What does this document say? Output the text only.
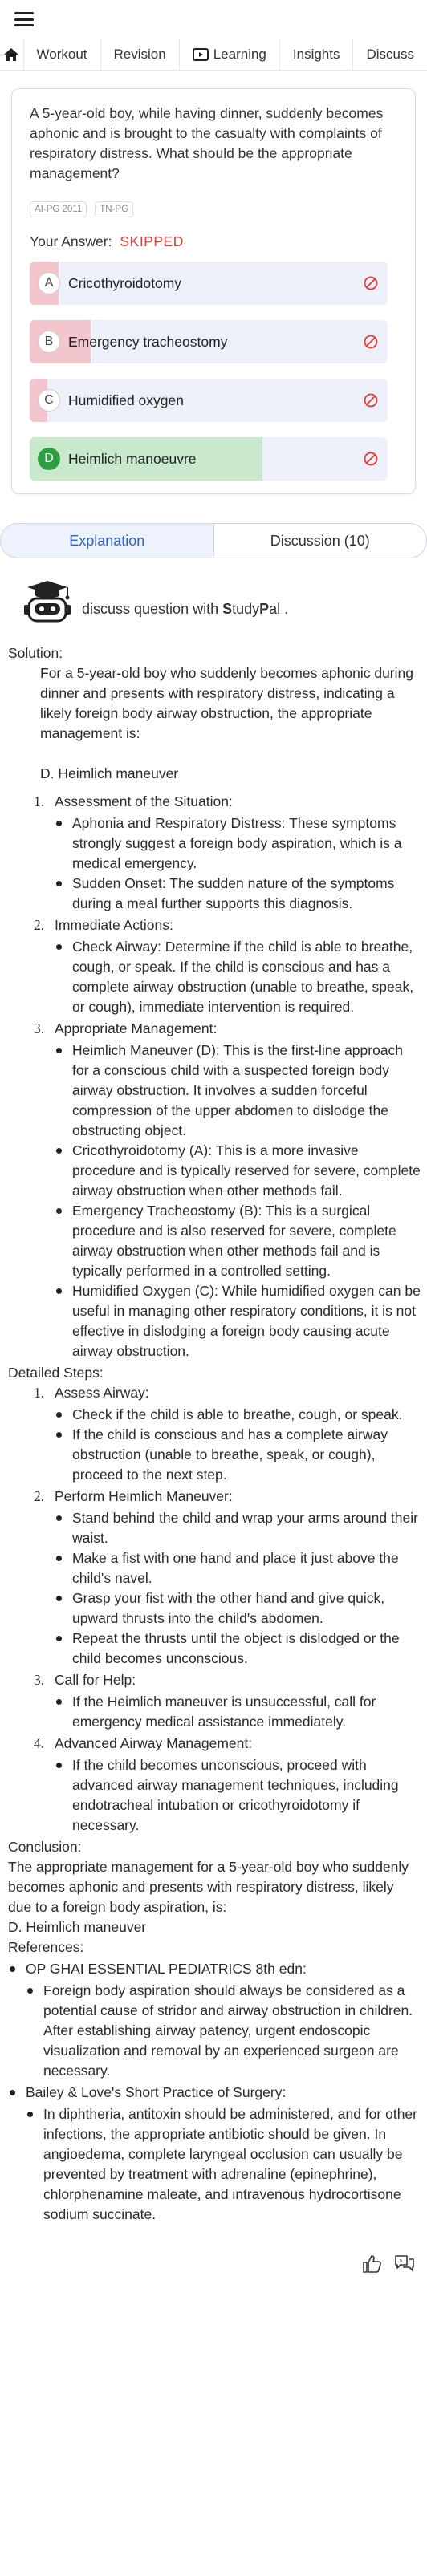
Workout Revision	Learning Insights Discuss
A 5-year-old boy, while having dinner, suddenly becomes aphonic and is brought to the casualty with complaints of respiratory distress. What should be the appropriate management?
AI-PG 2011	TN-PG
Your Answer: SKIPPED
A	Cricothyroidotomy
B	Emergency tracheostomy
C	Humidified oxygen
D	Heimlich manoeuvre
Explanation	Discussion (10)
discuss question with StudyPal .

Solution:

For a 5-year-old boy who suddenly becomes aphonic during dinner and presents with respiratory distress, indicating a likely foreign body airway obstruction, the appropriate management is:

D. Heimlich maneuver

1. Assessment of the Situation:
Aphonia and Respiratory Distress: These symptoms strongly suggest a foreign body aspiration, which is a medical emergency.
Sudden Onset: The sudden nature of the symptoms during a meal further supports this diagnosis.
2. Immediate Actions:
Check Airway: Determine if the child is able to breathe, cough, or speak. If the child is conscious and has a complete airway obstruction (unable to breathe, speak, or cough), immediate intervention is required.
3. Appropriate Management:
Heimlich Maneuver (D): This is the first-line approach for a conscious child with a suspected foreign body airway obstruction. It involves a sudden forceful compression of the upper abdomen to dislodge the obstructing object.
Cricothyroidotomy (A): This is a more invasive procedure and is typically reserved for severe, complete airway obstruction when other methods fail.
Emergency Tracheostomy (B): This is a surgical procedure and is also reserved for severe, complete airway obstruction when other methods fail and is typically performed in a controlled setting.
Humidified Oxygen (C): While humidified oxygen can be useful in managing other respiratory conditions, it is not effective in dislodging a foreign body causing acute airway obstruction.

Detailed Steps:

1. Assess Airway:
Check if the child is able to breathe, cough, or speak.
If the child is conscious and has a complete airway obstruction (unable to breathe, speak, or cough), proceed to the next step.
2. Perform Heimlich Maneuver:
Stand behind the child and wrap your arms around their waist.
Make a fist with one hand and place it just above the child's navel.
Grasp your fist with the other hand and give quick, upward thrusts into the child's abdomen.
Repeat the thrusts until the object is dislodged or the child becomes unconscious.
3. Call for Help:
If the Heimlich maneuver is unsuccessful, call for emergency medical assistance immediately.
4. Advanced Airway Management:
If the child becomes unconscious, proceed with advanced airway management techniques, including endotracheal intubation or cricothyroidotomy if necessary.

Conclusion:

The appropriate management for a 5-year-old boy who suddenly becomes aphonic and presents with respiratory distress, likely due to a foreign body aspiration, is:

D. Heimlich maneuver

References:

OP GHAI ESSENTIAL PEDIATRICS 8th edn:
Foreign body aspiration should always be considered as a potential cause of stridor and airway obstruction in children. After establishing airway patency, urgent endoscopic visualization and removal by an experienced surgeon are necessary.
Bailey & Love's Short Practice of Surgery:
In diphtheria, antitoxin should be administered, and for other infections, the appropriate antibiotic should be given. In angioedema, complete laryngeal occlusion can usually be prevented by treatment with adrenaline (epinephrine), chlorphenamine maleate, and intravenous hydrocortisone sodium succinate.
